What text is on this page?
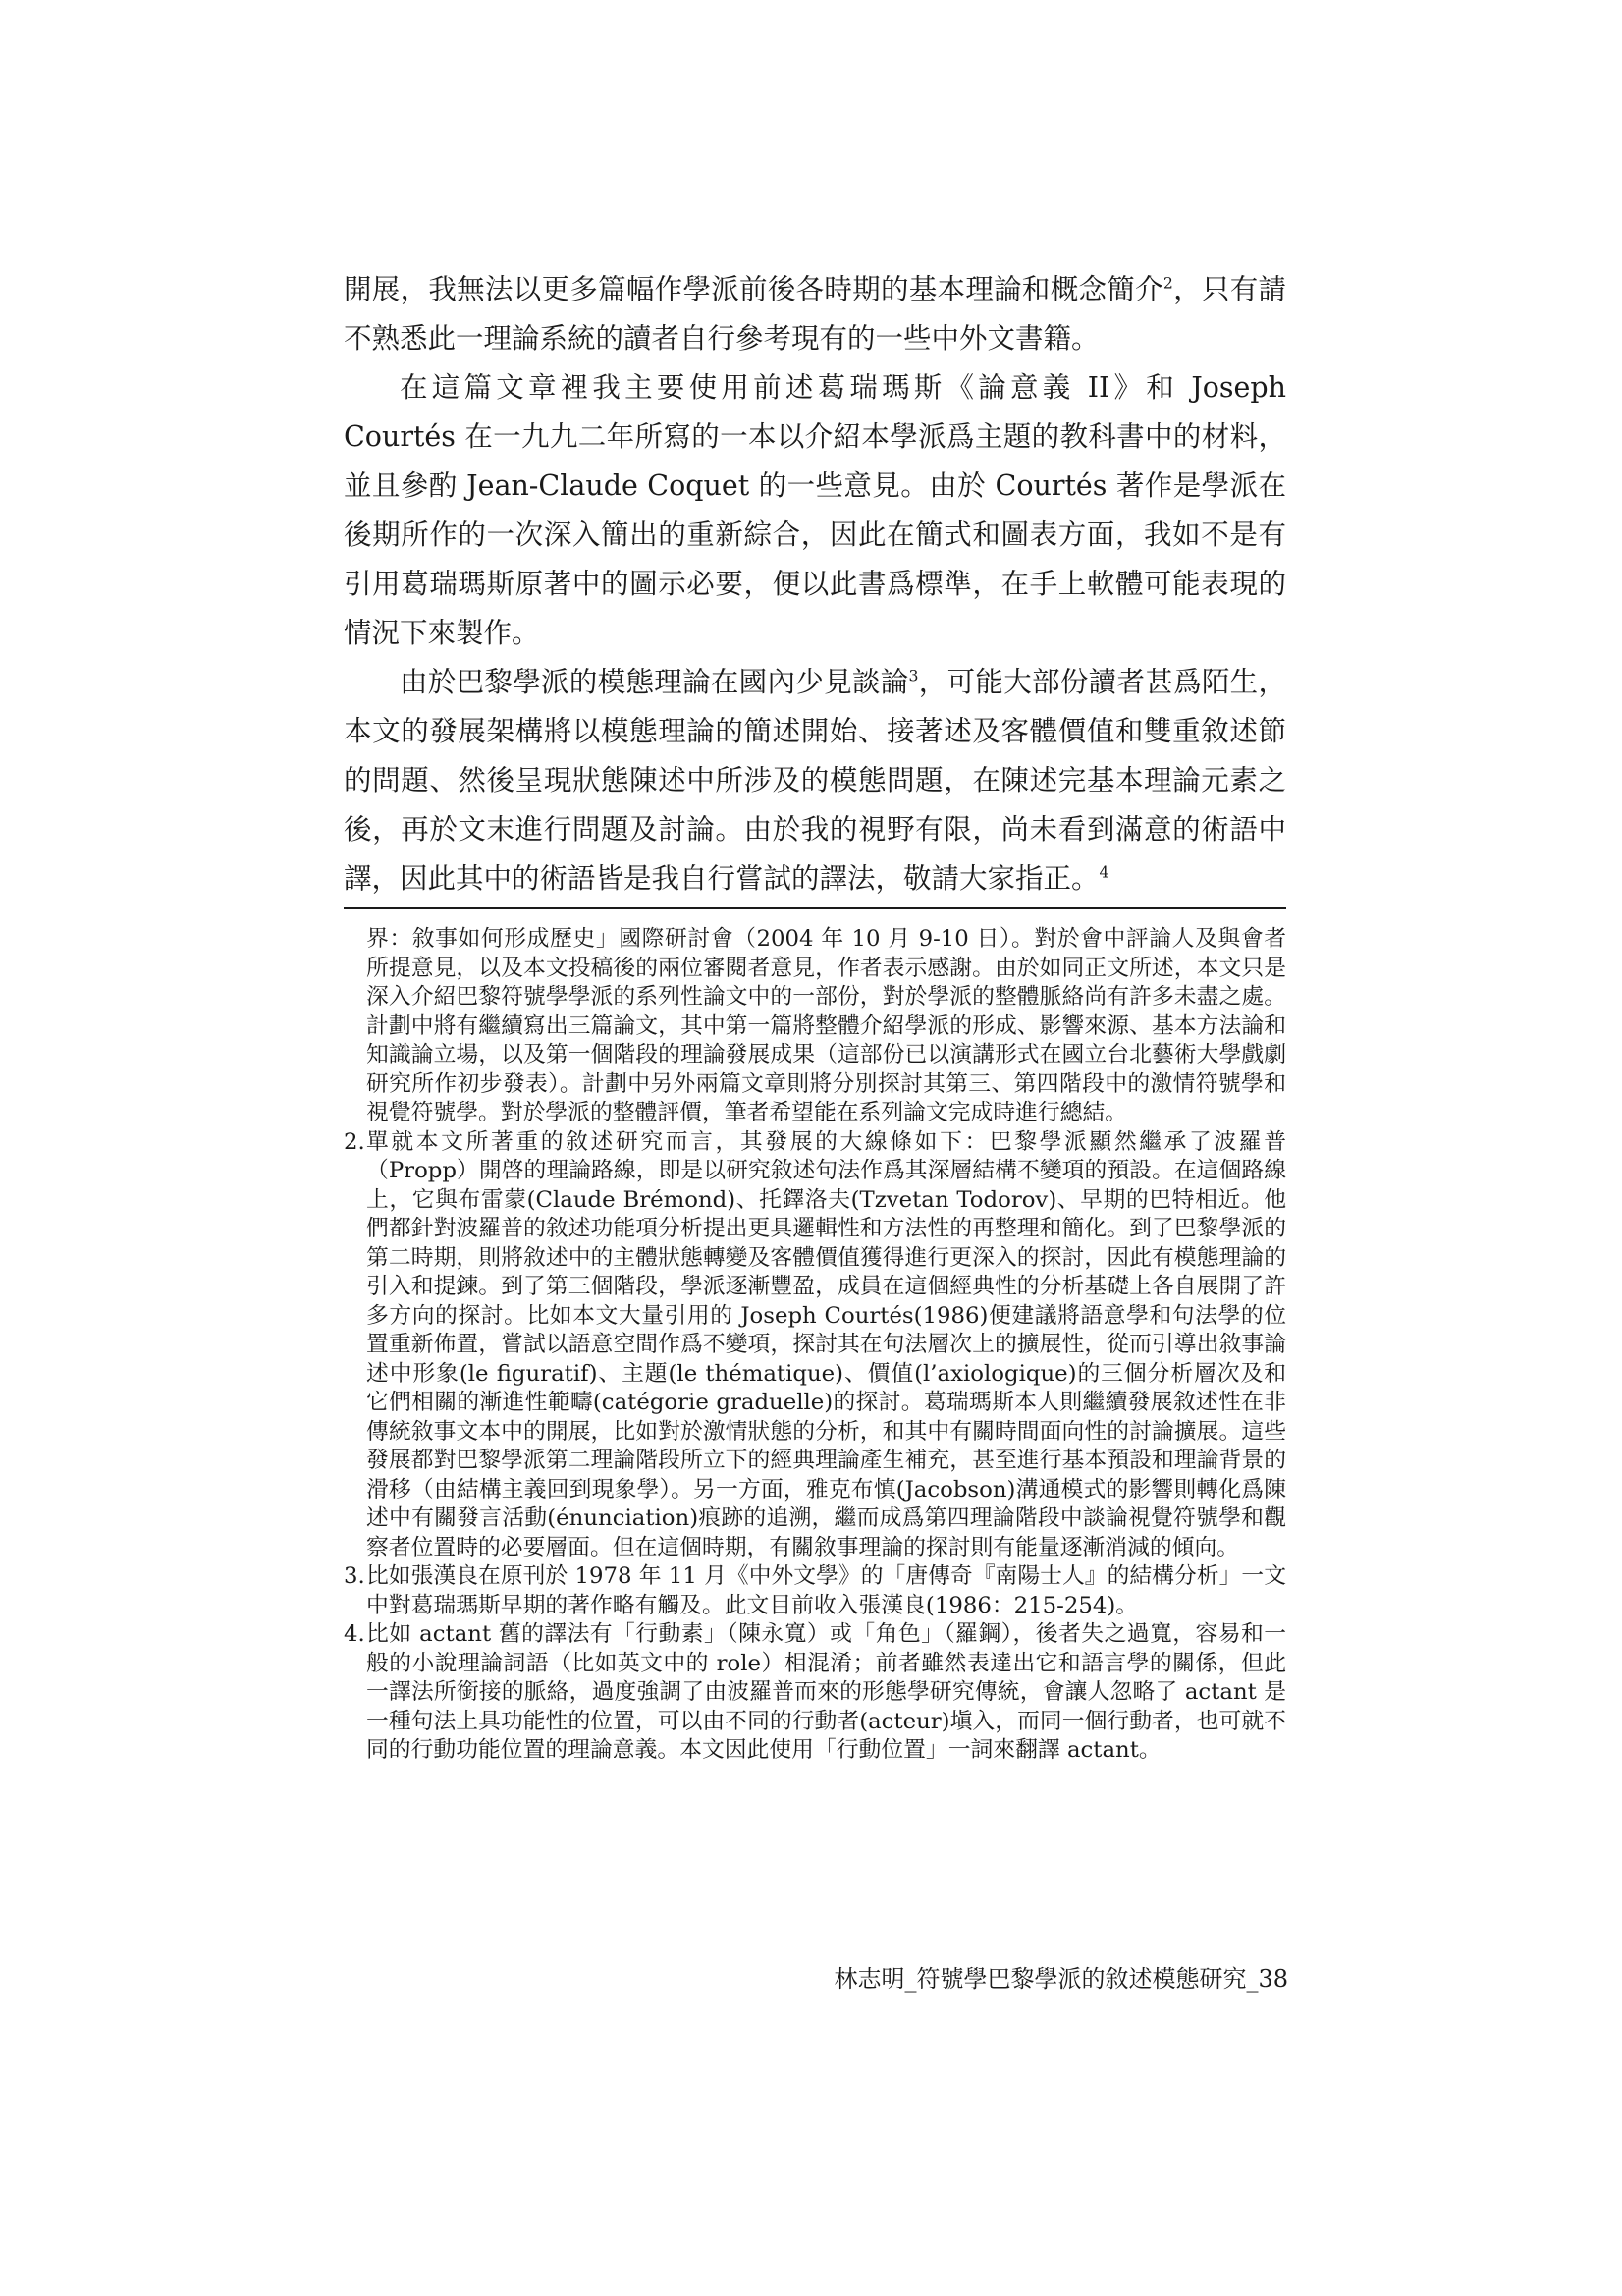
開展，我無法以更多篇幅作學派前後各時期的基本理論和概念簡介$^2$，只有請不熟悉此一理論系統的讀者自行參考現有的一些中外文書籍。

在這篇文章裡我主要使用前述葛瑞瑪斯《論意義 II》和 Joseph Courtés 在一九九二年所寫的一本以介紹本學派爲主題的教科書中的材料，並且參酌 Jean-Claude Coquet 的一些意見。由於 Courtés 著作是學派在後期所作的一次深入簡出的重新綜合，因此在簡式和圖表方面，我如不是有引用葛瑞瑪斯原著中的圖示必要，便以此書爲標準，在手上軟體可能表現的情況下來製作。

由於巴黎學派的模態理論在國內少見談論$^3$，可能大部份讀者甚爲陌生，本文的發展架構將以模態理論的簡述開始、接著述及客體價值和雙重敘述節的問題、然後呈現狀態陳述中所涉及的模態問題，在陳述完基本理論元素之後，再於文末進行問題及討論。由於我的視野有限，尚未看到滿意的術語中譯，因此其中的術語皆是我自行嘗試的譯法，敬請大家指正。$^4$

界：敘事如何形成歷史」國際研討會（2004 年 10 月 9-10 日）。對於會中評論人及與會者所提意見，以及本文投稿後的兩位審閱者意見，作者表示感謝。由於如同正文所述，本文只是深入介紹巴黎符號學學派的系列性論文中的一部份，對於學派的整體脈絡尚有許多未盡之處。計劃中將有繼續寫出三篇論文，其中第一篇將整體介紹學派的形成、影響來源、基本方法論和知識論立場，以及第一個階段的理論發展成果（這部份已以演講形式在國立台北藝術大學戲劇研究所作初步發表）。計劃中另外兩篇文章則將分別探討其第三、第四階段中的激情符號學和視覺符號學。對於學派的整體評價，筆者希望能在系列論文完成時進行總結。

2. 單就本文所著重的敘述研究而言，其發展的大線條如下：巴黎學派顯然繼承了波羅普（Propp）開啓的理論路線，即是以研究敘述句法作爲其深層結構不變項的預設。在這個路線上，它與布雷蒙(Claude Brémond)、托鐸洛夫(Tzvetan Todorov)、早期的巴特相近。他們都針對波羅普的敘述功能項分析提出更具邏輯性和方法性的再整理和簡化。到了巴黎學派的第二時期，則將敘述中的主體狀態轉變及客體價值獲得進行更深入的探討，因此有模態理論的引入和提鍊。到了第三個階段，學派逐漸豐盈，成員在這個經典性的分析基礎上各自展開了許多方向的探討。比如本文大量引用的 Joseph Courtés(1986)便建議將語意學和句法學的位置重新佈置，嘗試以語意空間作爲不變項，探討其在句法層次上的擴展性，從而引導出敘事論述中形象(le figuratif)、主題(le thématique)、價值(l’axiologique)的三個分析層次及和它們相關的漸進性範疇(catégorie graduelle)的探討。葛瑞瑪斯本人則繼續發展敘述性在非傳統敘事文本中的開展，比如對於激情狀態的分析，和其中有關時間面向性的討論擴展。這些發展都對巴黎學派第二理論階段所立下的經典理論產生補充，甚至進行基本預設和理論背景的滑移（由結構主義回到現象學）。另一方面，雅克布慎(Jacobson)溝通模式的影響則轉化爲陳述中有關發言活動(énunciation)痕跡的追溯，繼而成爲第四理論階段中談論視覺符號學和觀察者位置時的必要層面。但在這個時期，有關敘事理論的探討則有能量逐漸消減的傾向。

3. 比如張漢良在原刊於 1978 年 11 月《中外文學》的「唐傳奇『南陽士人』的結構分析」一文中對葛瑞瑪斯早期的著作略有觸及。此文目前收入張漢良(1986：215-254)。

4. 比如 actant 舊的譯法有「行動素」（陳永寬）或「角色」（羅鋼），後者失之過寬，容易和一般的小說理論詞語（比如英文中的 role）相混淆；前者雖然表達出它和語言學的關係，但此一譯法所銜接的脈絡，過度強調了由波羅普而來的形態學研究傳統，會讓人忽略了 actant 是一種句法上具功能性的位置，可以由不同的行動者(acteur)塡入，而同一個行動者，也可就不同的行動功能位置的理論意義。本文因此使用「行動位置」一詞來翻譯 actant。

林志明_符號學巴黎學派的敘述模態研究_38
